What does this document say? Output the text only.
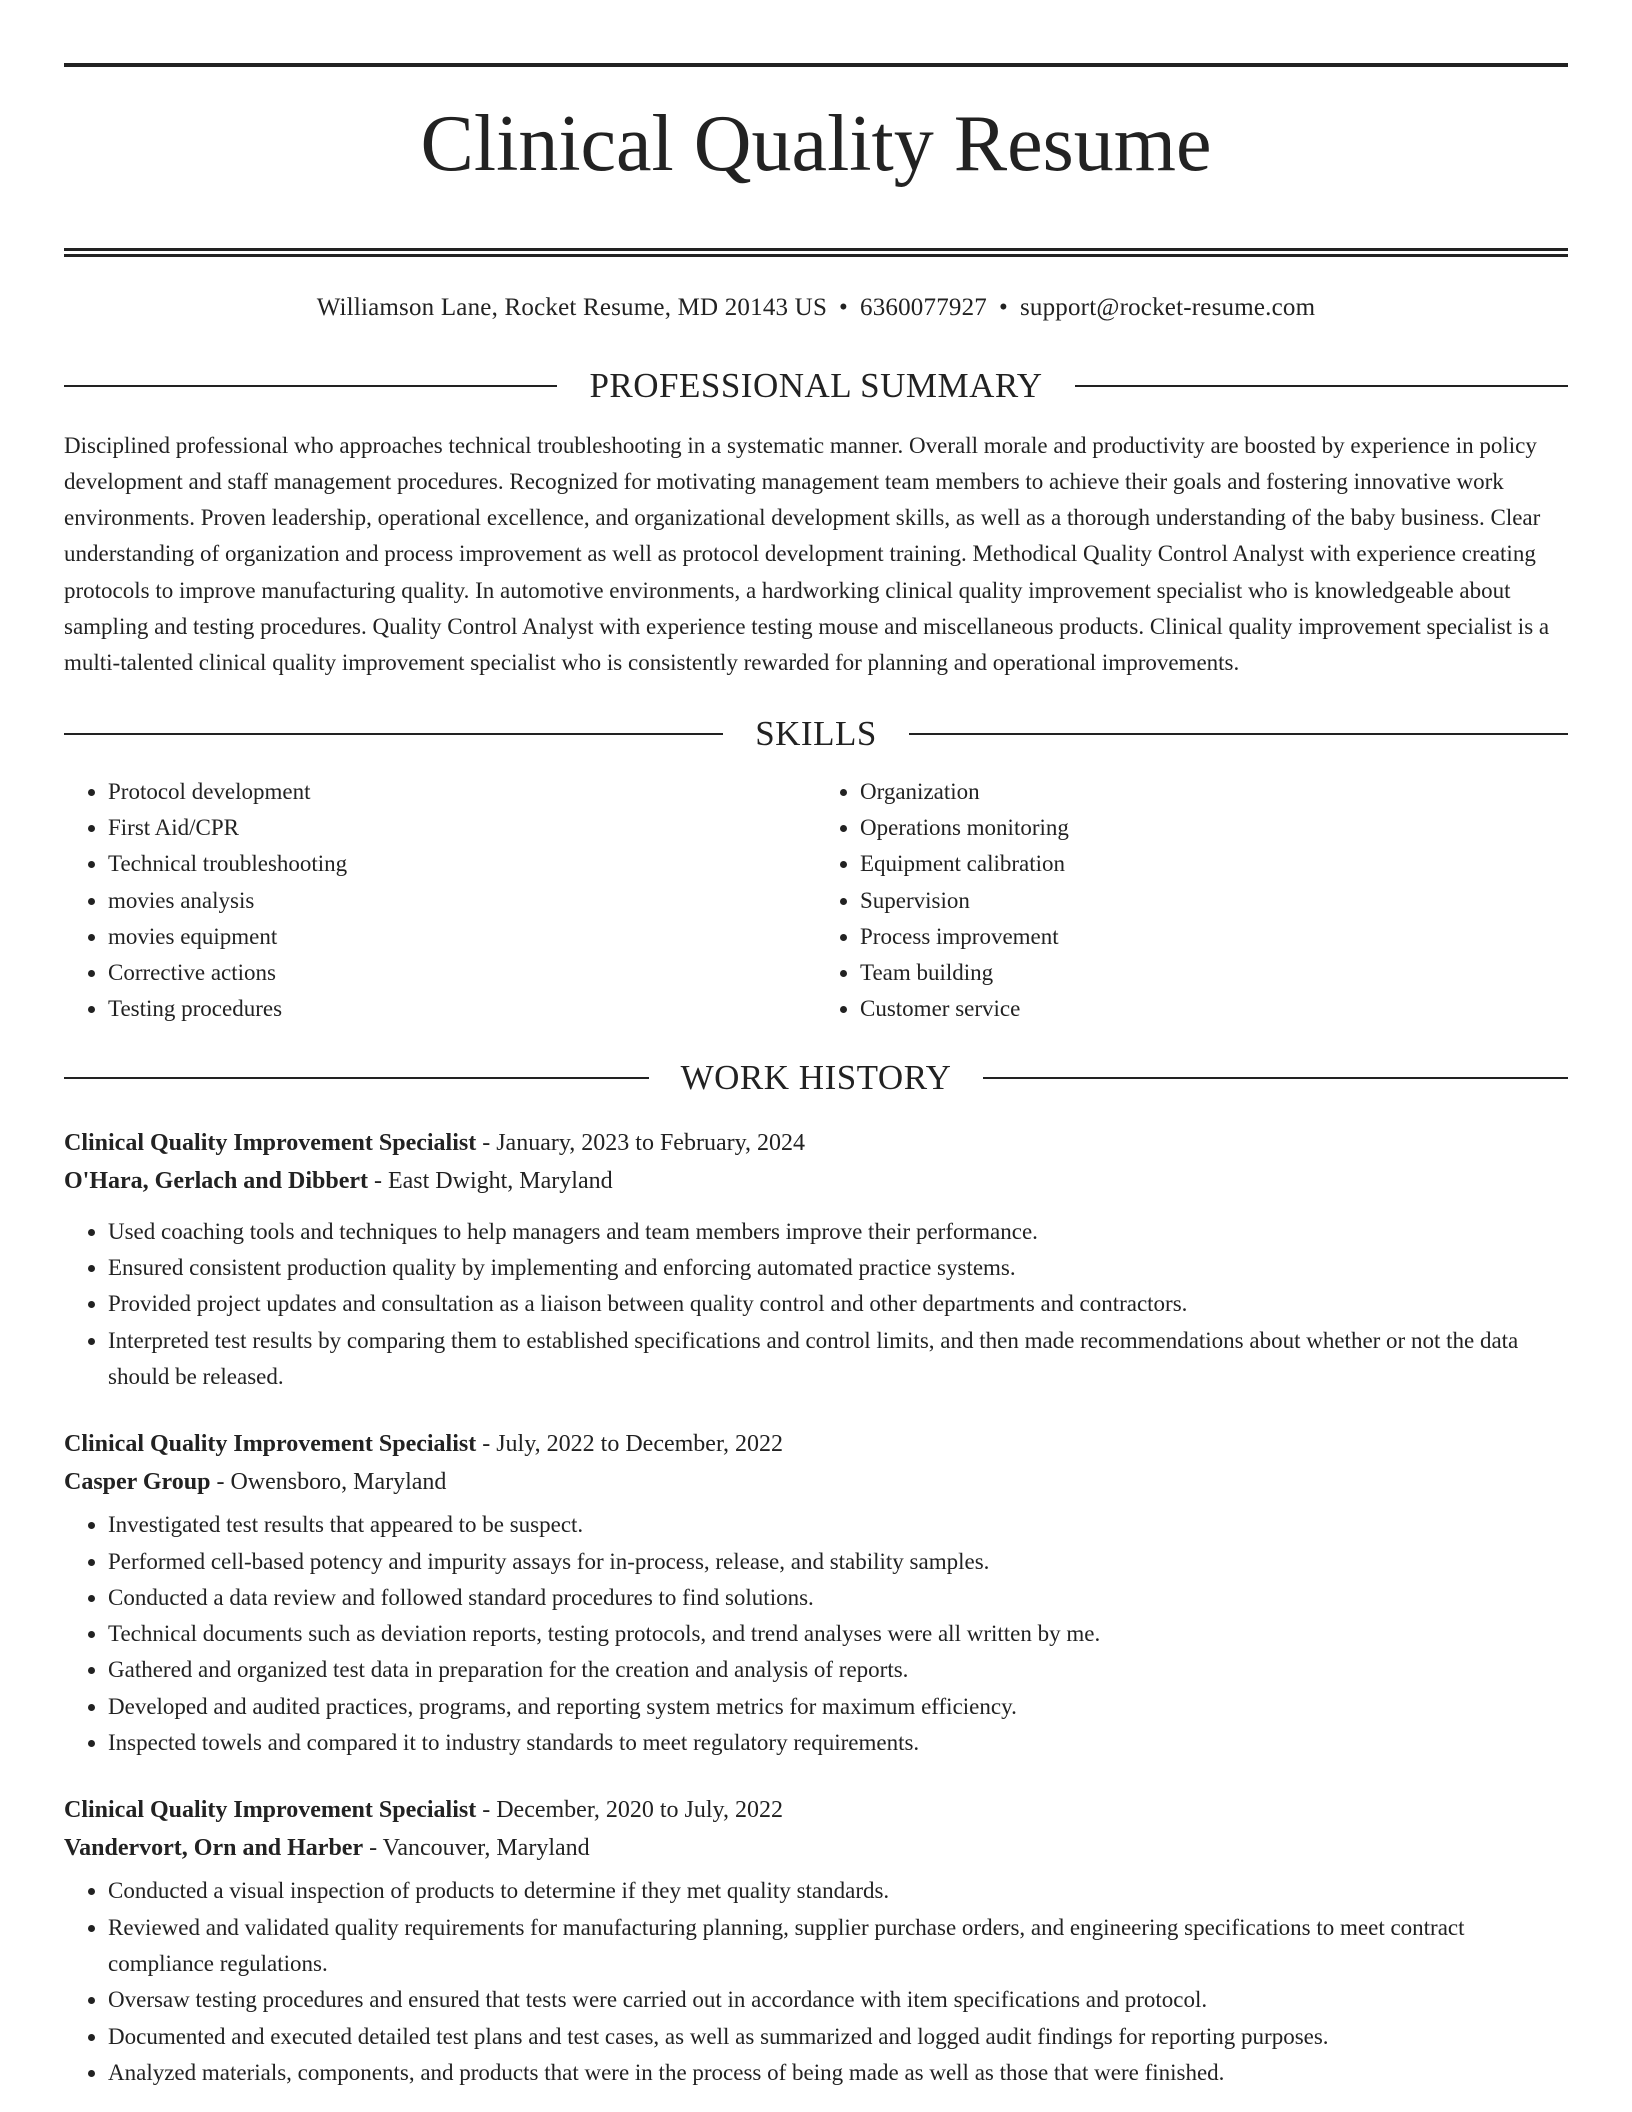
Clinical Quality Resume
Williamson Lane, Rocket Resume, MD 20143 US • 6360077927 • support@rocket-resume.com
PROFESSIONAL SUMMARY

Disciplined professional who approaches technical troubleshooting in a systematic manner. Overall morale and productivity are boosted by experience in policy development and staff management procedures. Recognized for motivating management team members to achieve their goals and fostering innovative work environments. Proven leadership, operational excellence, and organizational development skills, as well as a thorough understanding of the baby business. Clear understanding of organization and process improvement as well as protocol development training. Methodical Quality Control Analyst with experience creating protocols to improve manufacturing quality. In automotive environments, a hardworking clinical quality improvement specialist who is knowledgeable about sampling and testing procedures. Quality Control Analyst with experience testing mouse and miscellaneous products. Clinical quality improvement specialist is a multi-talented clinical quality improvement specialist who is consistently rewarded for planning and operational improvements.

SKILLS
• Protocol development
• First Aid/CPR
• Technical troubleshooting
• movies analysis
• movies equipment
• Corrective actions
• Testing procedures
• Organization
• Operations monitoring
• Equipment calibration
• Supervision
• Process improvement
• Team building
• Customer service
WORK HISTORY
Clinical Quality Improvement Specialist - January, 2023 to February, 2024
O'Hara, Gerlach and Dibbert - East Dwight, Maryland
• Used coaching tools and techniques to help managers and team members improve their performance.
• Ensured consistent production quality by implementing and enforcing automated practice systems.
• Provided project updates and consultation as a liaison between quality control and other departments and contractors.
• Interpreted test results by comparing them to established specifications and control limits, and then made recommendations about whether or not the data should be released.
Clinical Quality Improvement Specialist - July, 2022 to December, 2022
Casper Group - Owensboro, Maryland
• Investigated test results that appeared to be suspect.
• Performed cell-based potency and impurity assays for in-process, release, and stability samples.
• Conducted a data review and followed standard procedures to find solutions.
• Technical documents such as deviation reports, testing protocols, and trend analyses were all written by me.
• Gathered and organized test data in preparation for the creation and analysis of reports.
• Developed and audited practices, programs, and reporting system metrics for maximum efficiency.
• Inspected towels and compared it to industry standards to meet regulatory requirements.
Clinical Quality Improvement Specialist - December, 2020 to July, 2022
Vandervort, Orn and Harber - Vancouver, Maryland
• Conducted a visual inspection of products to determine if they met quality standards.
• Reviewed and validated quality requirements for manufacturing planning, supplier purchase orders, and engineering specifications to meet contract compliance regulations.
• Oversaw testing procedures and ensured that tests were carried out in accordance with item specifications and protocol.
• Documented and executed detailed test plans and test cases, as well as summarized and logged audit findings for reporting purposes.
• Analyzed materials, components, and products that were in the process of being made as well as those that were finished.
